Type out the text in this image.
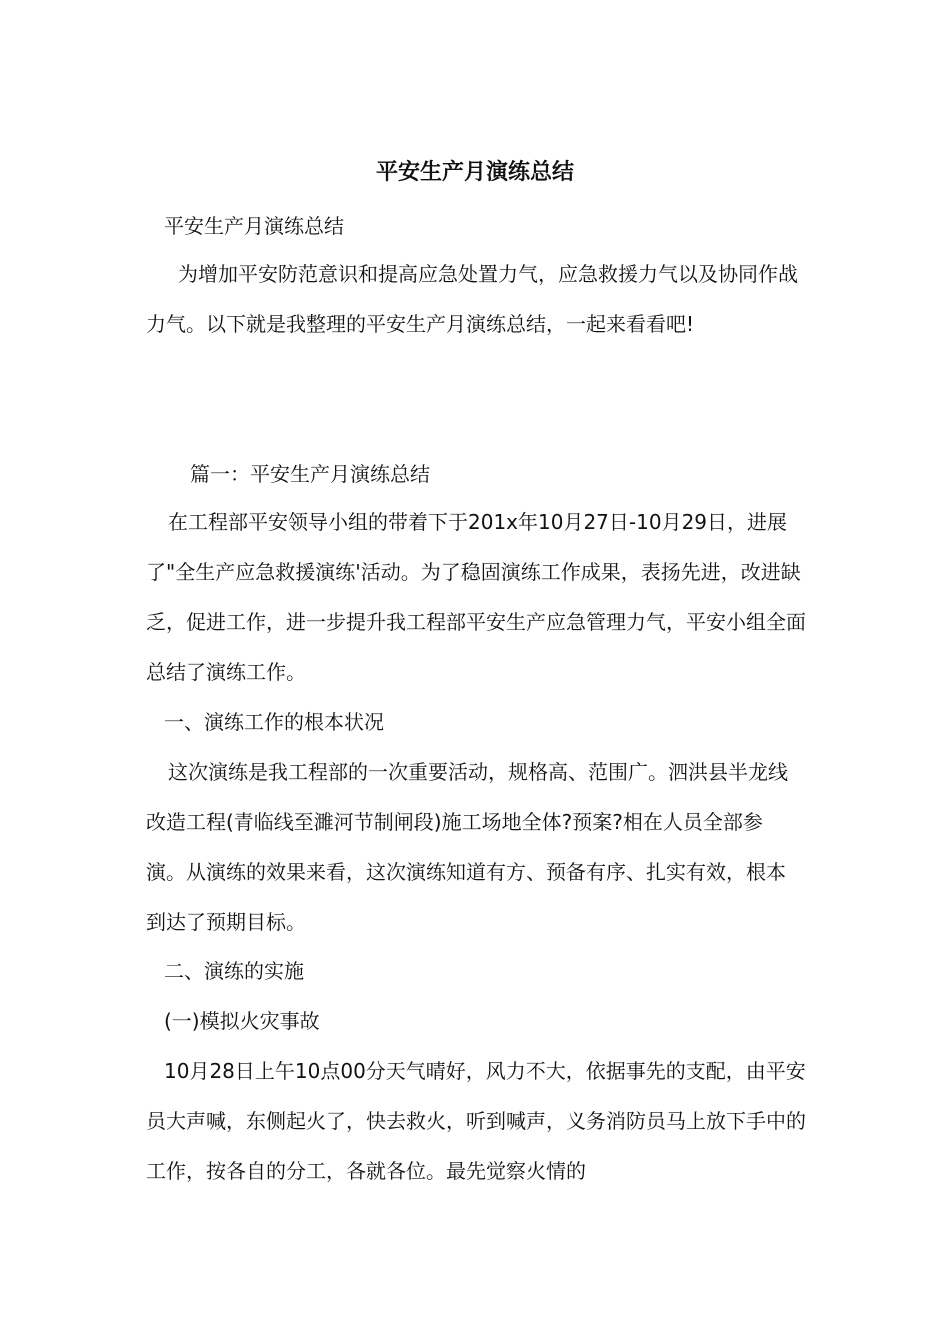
平安生产月演练总结

平安生产月演练总结

为增加平安防范意识和提高应急处置力气，应急救援力气以及协同作战力气。以下就是我整理的平安生产月演练总结，一起来看看吧!

篇一：平安生产月演练总结

在工程部平安领导小组的带着下于201x年10月27日-10月29日，进展了"全生产应急救援演练'活动。为了稳固演练工作成果，表扬先进，改进缺乏，促进工作，进一步提升我工程部平安生产应急管理力气，平安小组全面总结了演练工作。

一、演练工作的根本状况

这次演练是我工程部的一次重要活动，规格高、范围广。泗洪县半龙线改造工程(青临线至濉河节制闸段)施工场地全体?预案?相在人员全部参演。从演练的效果来看，这次演练知道有方、预备有序、扎实有效，根本到达了预期目标。

二、演练的实施

(一)模拟火灾事故

10月28日上午10点00分天气晴好，风力不大，依据事先的支配，由平安员大声喊，东侧起火了，快去救火，听到喊声，义务消防员马上放下手中的工作，按各自的分工，各就各位。最先觉察火情的
